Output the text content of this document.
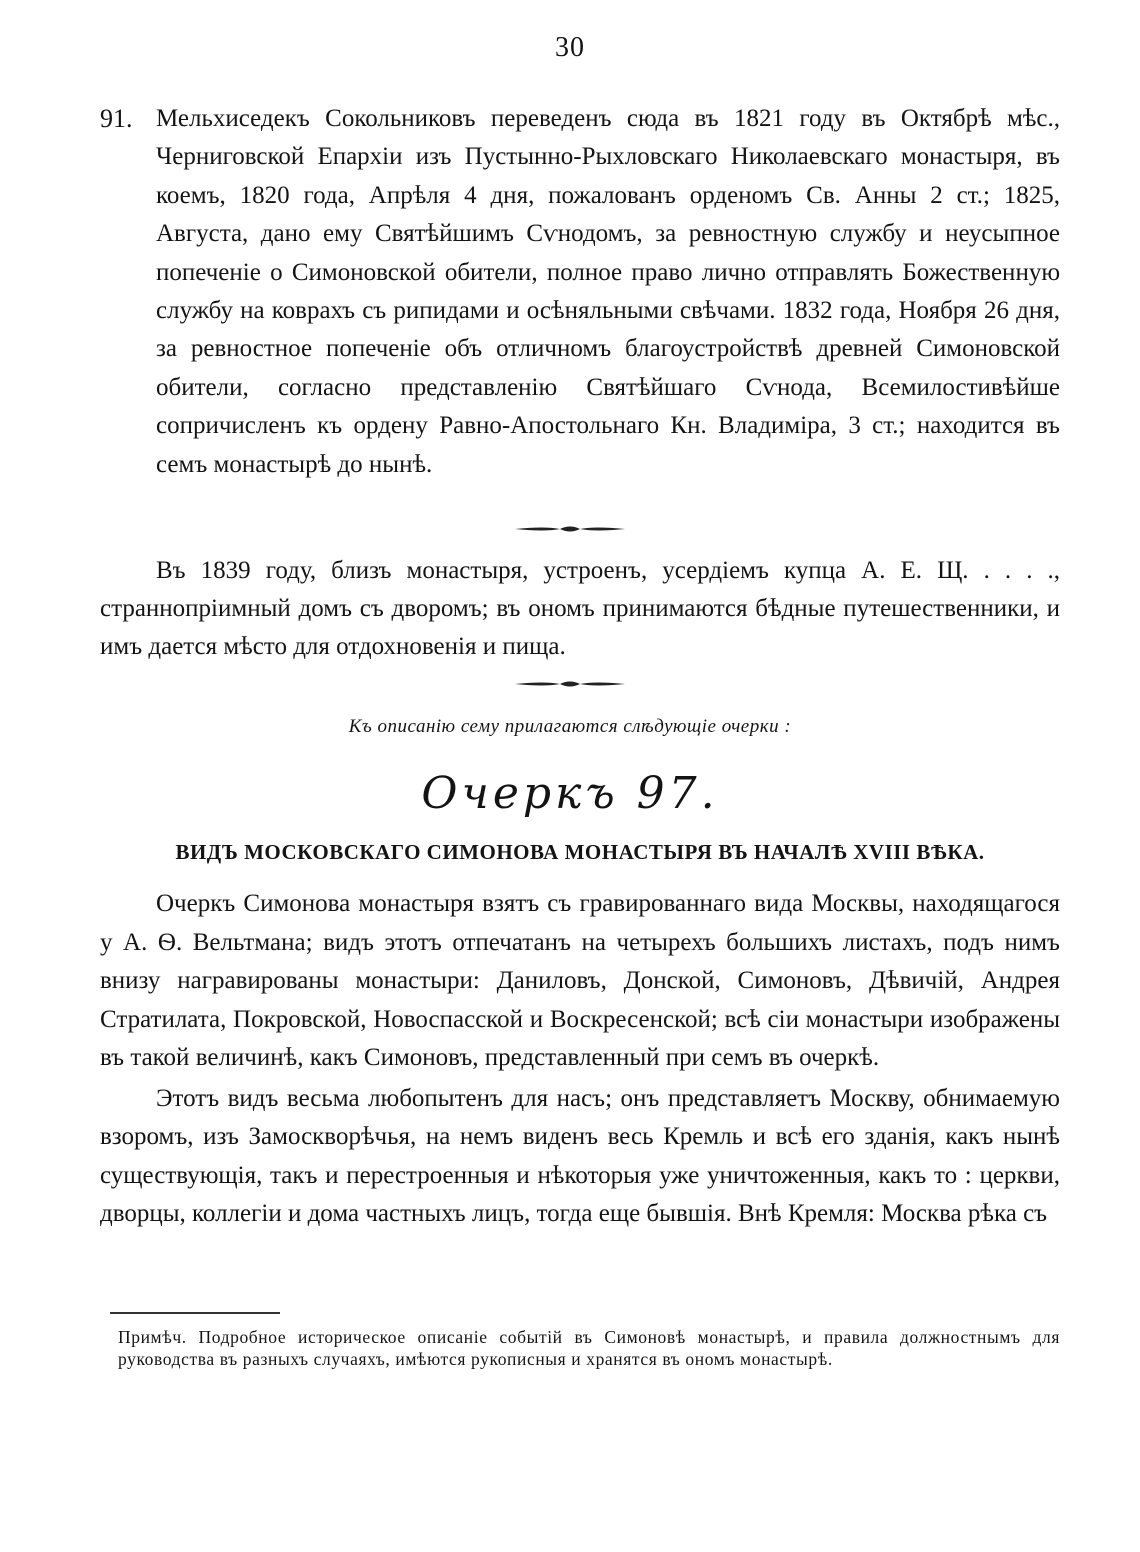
30
91. Мельхиседекъ Сокольниковъ переведенъ сюда въ 1821 году въ Октябрѣ мѣс., Черниговской Епархіи изъ Пустынно-Рыхловскаго Николаевскаго монастыря, въ коемъ, 1820 года, Апрѣля 4 дня, пожалованъ орденомъ Св. Анны 2 ст.; 1825, Августа, дано ему Святѣйшимъ Сѵнодомъ, за ревностную службу и неусыпное попеченіе о Симоновской обители, полное право лично отправлять Божественную службу на коврахъ съ рипидами и осѣняльными свѣчами. 1832 года, Ноября 26 дня, за ревностное попеченіе объ отличномъ благоустройствѣ древней Симоновской обители, согласно представленію Святѣйшаго Сѵнода, Всемилостивѣйше сопричисленъ къ ордену Равно-Апостольнаго Кн. Владиміра, 3 ст.; находится въ семъ монастырѣ до нынѣ.
Въ 1839 году, близъ монастыря, устроенъ, усердіемъ купца А. Е. Щ. . . . ., страннопріимный домъ съ дворомъ; въ ономъ принимаются бѣдные путешественники, и имъ дается мѣсто для отдохновенія и пища.
Къ описанію сему прилагаются слѣдующіе очерки :
Очеркъ 97.
ВИДЪ МОСКОВСКАГО СИМОНОВА МОНАСТЫРЯ ВЪ НАЧАЛѢ XVIII ВѢКА.

Очеркъ Симонова монастыря взятъ съ гравированнаго вида Москвы, находящагося у А. Ѳ. Вельтмана; видъ этотъ отпечатанъ на четырехъ большихъ листахъ, подъ нимъ внизу награвированы монастыри: Даниловъ, Донской, Симоновъ, Дѣвичій, Андрея Стратилата, Покровской, Новоспасской и Воскресенской; всѣ сіи монастыри изображены въ такой величинѣ, какъ Симоновъ, представленный при семъ въ очеркѣ.

Этотъ видъ весьма любопытенъ для насъ; онъ представляетъ Москву, обнимаемую взоромъ, изъ Замоскворѣчья, на немъ виденъ весь Кремль и всѣ его зданія, какъ нынѣ существующія, такъ и перестроенныя и нѣкоторыя уже уничтоженныя, какъ то : церкви, дворцы, коллегіи и дома частныхъ лицъ, тогда еще бывшія. Внѣ Кремля: Москва рѣка съ

Примѣч. Подробное историческое описаніе событій въ Симоновѣ монастырѣ, и правила должностнымъ для руководства въ разныхъ случаяхъ, имѣются рукописныя и хранятся въ ономъ монастырѣ.
